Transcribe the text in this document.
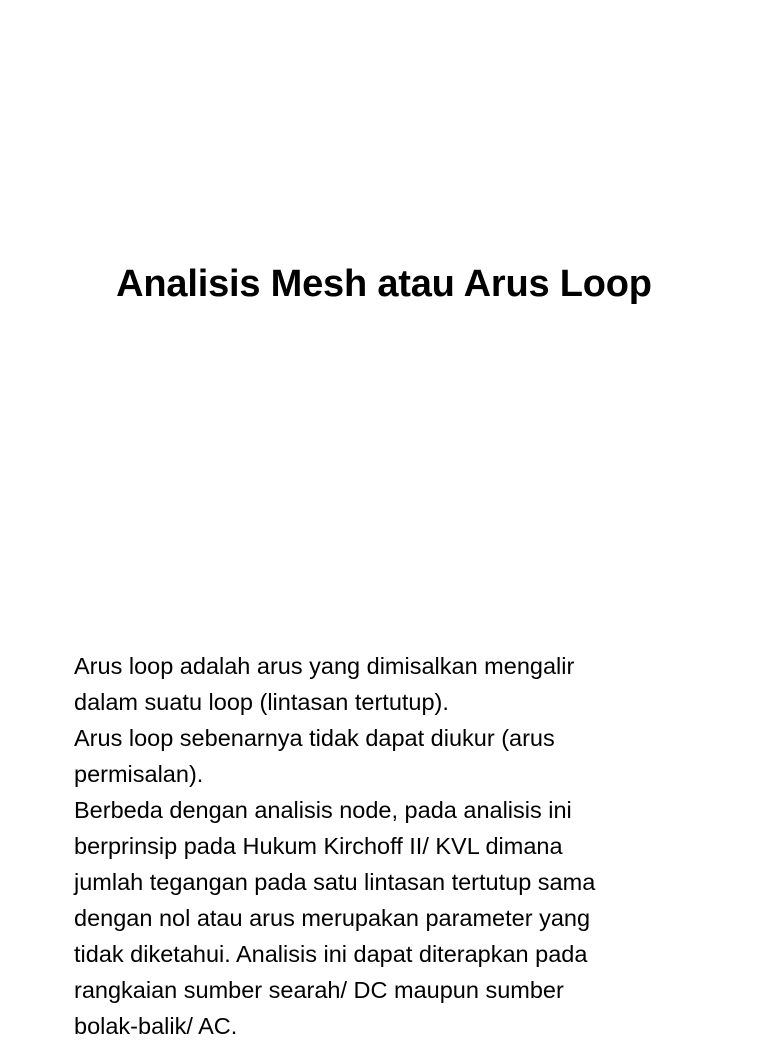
Analisis Mesh atau Arus Loop

Arus loop adalah arus yang dimisalkan mengalir
dalam suatu loop (lintasan tertutup).
Arus loop sebenarnya tidak dapat diukur (arus
permisalan).
Berbeda dengan analisis node, pada analisis ini
berprinsip pada Hukum Kirchoff II/ KVL dimana
jumlah tegangan pada satu lintasan tertutup sama
dengan nol atau arus merupakan parameter yang
tidak diketahui. Analisis ini dapat diterapkan pada
rangkaian sumber searah/ DC maupun sumber
bolak-balik/ AC.
